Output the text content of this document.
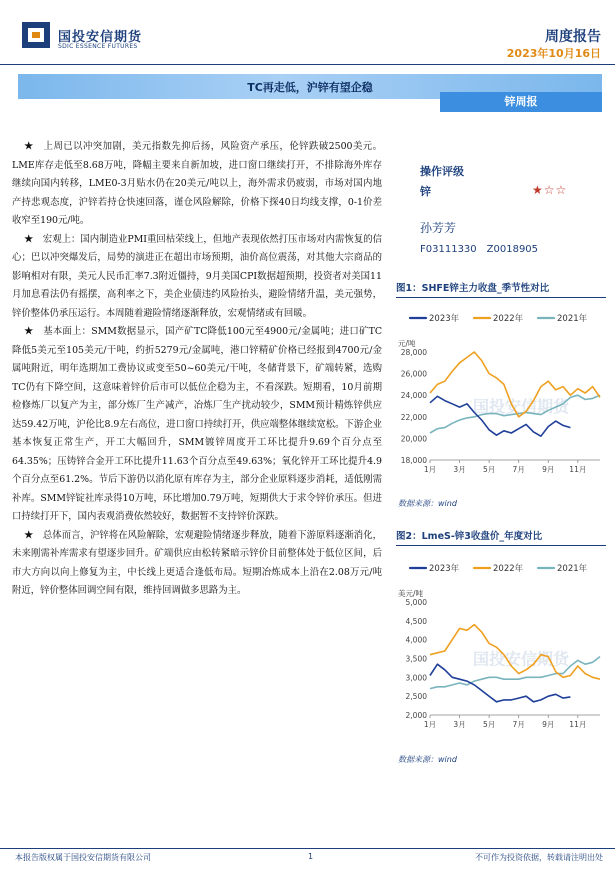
国投安信期货
SDIC ESSENCE FUTURES
周度报告
2023年10月16日
TC再走低，沪锌有望企稳
锌周报

★　上周已以冲突加剧，美元指数先抑后扬，风险资产承压，伦锌跌破2500美元。LME库存走低至8.68万吨，降幅主要来自新加坡，进口窗口继续打开，不排除海外库存继续向国内转移，LME0-3月贴水仍在20美元/吨以上，海外需求仍疲弱，市场对国内地产持悲观态度，沪锌若持仓快速回落，谨仓风险解除，价格下探40日均线支撑，0-1价差收窄至190元/吨。

★　宏观上：国内制造业PMI重回枯荣线上，但地产表现依然打压市场对内需恢复的信心；巴以冲突爆发后，局势的演进正在超出市场预期，油价高位震荡，对其他大宗商品的影响相对有限，美元人民币汇率7.3附近僵持，9月美国CPI数据超预期，投资者对美国11月加息看法仍有摇摆，高利率之下，美企业债违约风险抬头，避险情绪升温，美元强势，锌价整体仍承压运行。本周随着避险情绪逐渐释放，宏观情绪或有回暖。

★　基本面上：SMM数据显示，国产矿TC降低100元至4900元/金属吨；进口矿TC降低5美元至105美元/干吨，约折5279元/金属吨，港口锌精矿价格已经报到4700元/金属吨附近，明年选期加工费协议或变至50~60美元/干吨，冬储背景下，矿端转紧，选购TC仍有下降空间，这意味着锌价后市可以低位企稳为主，不看深跌。短期看，10月前期检修炼厂以复产为主，部分炼厂生产减产，冶炼厂生产扰动较少，SMM预计精炼锌供应达59.42万吨，沪伦比8.9左右高位，进口窗口持续打开，供应端整体继续宽松。下游企业基本恢复正常生产，开工大幅回升，SMM镀锌周度开工环比提升9.69个百分点至64.35%；压铸锌合金开工环比提升11.63个百分点至49.63%；氧化锌开工环比提升4.9个百分点至61.2%。节后下游仍以消化原有库存为主，部分企业原料逐步消耗，适低刚需补库。SMM锌锭社库录得10万吨，环比增加0.79万吨，短期供大于求令锌价承压。但进口持续打开下，国内表观消费依然较好，数据暂不支持锌价深跌。

★　总体而言，沪锌将在风险解除，宏观避险情绪逐步释放，随着下游原料逐渐消化，未来刚需补库需求有望逐步回升。矿端供应由松转紧暗示锌价目前整体处于低位区间，后市大方向以向上修复为主，中长线上更适合逢低布局。短期冶炼成本上沿在2.08万元/吨附近，锌价整体回调空间有限，维持回调做多思路为主。

操作评级
锌	★☆☆
孙芳芳
F03111330　Z0018905
图1：SHFE锌主力收盘_季节性对比
2023年	2022年	2021年
元/吨
国投安信期货
28,000
26,000
24,000
22,000
20,000
18,000
1月 3月 5月 7月 9月 11月
数据来源：wind
图2：LmeS-锌3收盘价_年度对比
2023年	2022年	2021年
美元/吨
国投安信期货
5,000
4,500
4,000
3,500
3,000
2,500
2,000
1月 3月 5月 7月 9月 11月
数据来源：wind
本报告版权属于国投安信期货有限公司	1	不可作为投资依据，转载请注明出处
